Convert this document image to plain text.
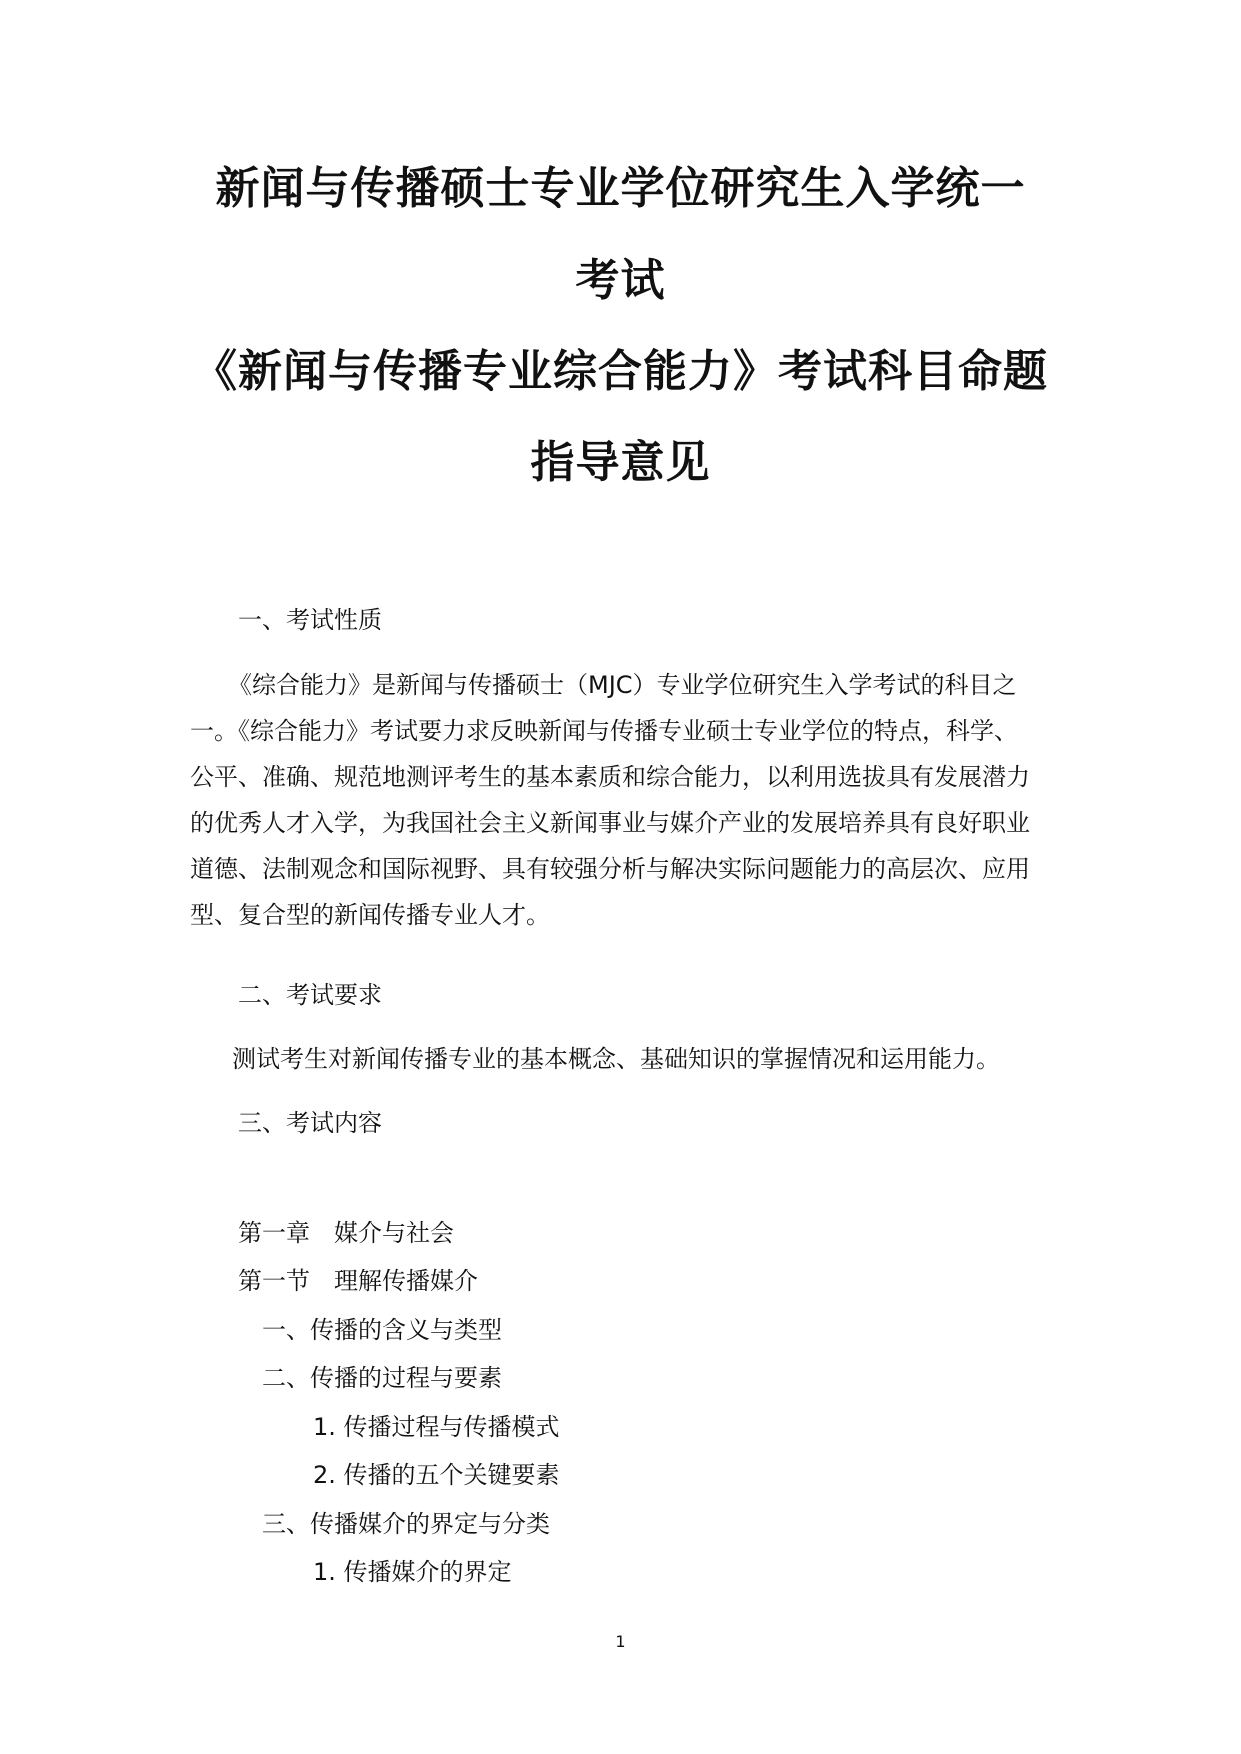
新闻与传播硕士专业学位研究生入学统一
考试
《新闻与传播专业综合能力》考试科目命题
指导意见
一、考试性质

《综合能力》是新闻与传播硕士（MJC）专业学位研究生入学考试的科目之

一。《综合能力》考试要力求反映新闻与传播专业硕士专业学位的特点，科学、

公平、准确、规范地测评考生的基本素质和综合能力，以利用选拔具有发展潜力

的优秀人才入学，为我国社会主义新闻事业与媒介产业的发展培养具有良好职业

道德、法制观念和国际视野、具有较强分析与解决实际问题能力的高层次、应用

型、复合型的新闻传播专业人才。

二、考试要求
测试考生对新闻传播专业的基本概念、基础知识的掌握情况和运用能力。
三、考试内容
第一章　媒介与社会
第一节　理解传播媒介
一、传播的含义与类型
二、传播的过程与要素
1. 传播过程与传播模式
2. 传播的五个关键要素
三、传播媒介的界定与分类
1. 传播媒介的界定
1
